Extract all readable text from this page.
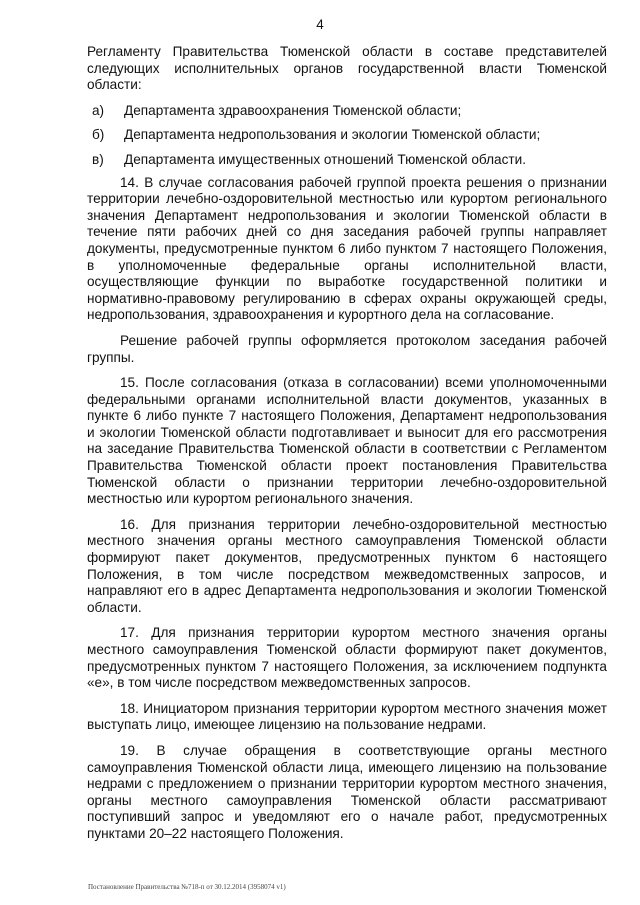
4

Регламенту Правительства Тюменской области в составе представителей следующих исполнительных органов государственной власти Тюменской области:

а)	Департамента здравоохранения Тюменской области;
б)	Департамента недропользования и экологии Тюменской области;
в)	Департамента имущественных отношений Тюменской области.

14. В случае согласования рабочей группой проекта решения о признании территории лечебно-оздоровительной местностью или курортом регионального значения Департамент недропользования и экологии Тюменской области в течение пяти рабочих дней со дня заседания рабочей группы направляет документы, предусмотренные пунктом 6 либо пунктом 7 настоящего Положения, в уполномоченные федеральные органы исполнительной власти, осуществляющие функции по выработке государственной политики и нормативно-правовому регулированию в сферах охраны окружающей среды, недропользования, здравоохранения и курортного дела на согласование.

Решение рабочей группы оформляется протоколом заседания рабочей группы.

15. После согласования (отказа в согласовании) всеми уполномоченными федеральными органами исполнительной власти документов, указанных в пункте 6 либо пункте 7 настоящего Положения, Департамент недропользования и экологии Тюменской области подготавливает и выносит для его рассмотрения на заседание Правительства Тюменской области в соответствии с Регламентом Правительства Тюменской области проект постановления Правительства Тюменской области о признании территории лечебно-оздоровительной местностью или курортом регионального значения.

16. Для признания территории лечебно-оздоровительной местностью местного значения органы местного самоуправления Тюменской области формируют пакет документов, предусмотренных пунктом 6 настоящего Положения, в том числе посредством межведомственных запросов, и направляют его в адрес Департамента недропользования и экологии Тюменской области.

17. Для признания территории курортом местного значения органы местного самоуправления Тюменской области формируют пакет документов, предусмотренных пунктом 7 настоящего Положения, за исключением подпункта «е», в том числе посредством межведомственных запросов.

18. Инициатором признания территории курортом местного значения может выступать лицо, имеющее лицензию на пользование недрами.

19. В случае обращения в соответствующие органы местного самоуправления Тюменской области лица, имеющего лицензию на пользование недрами с предложением о признании территории курортом местного значения, органы местного самоуправления Тюменской области рассматривают поступивший запрос и уведомляют его о начале работ, предусмотренных пунктами 20–22 настоящего Положения.

Постановление Правительства №718-п от 30.12.2014 (3958074 v1)
